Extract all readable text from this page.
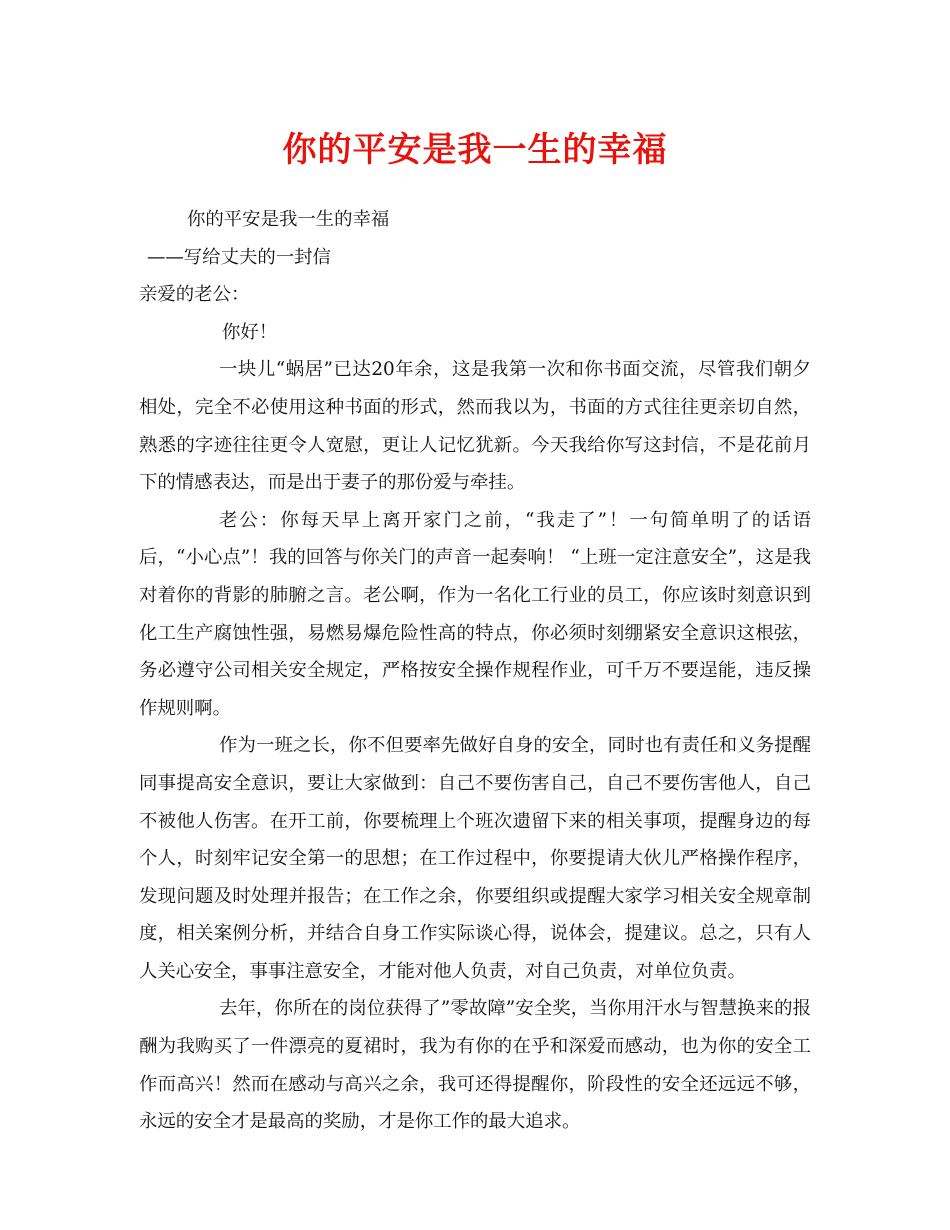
你的平安是我一生的幸福

你的平安是我一生的幸福

——写给丈夫的一封信

亲爱的老公：

你好！

一块儿“蜗居”已达20年余，这是我第一次和你书面交流，尽管我们朝夕相处，完全不必使用这种书面的形式，然而我以为，书面的方式往往更亲切自然，熟悉的字迹往往更令人宽慰，更让人记忆犹新。今天我给你写这封信，不是花前月下的情感表达，而是出于妻子的那份爱与牵挂。

老公：你每天早上离开家门之前，“我走了”！一句简单明了的话语后，“小心点”！我的回答与你关门的声音一起奏响！ “上班一定注意安全”，这是我对着你的背影的肺腑之言。老公啊，作为一名化工行业的员工，你应该时刻意识到化工生产腐蚀性强，易燃易爆危险性高的特点，你必须时刻绷紧安全意识这根弦，务必遵守公司相关安全规定，严格按安全操作规程作业，可千万不要逞能，违反操作规则啊。

作为一班之长，你不但要率先做好自身的安全，同时也有责任和义务提醒同事提高安全意识，要让大家做到：自己不要伤害自己，自己不要伤害他人，自己不被他人伤害。在开工前，你要梳理上个班次遗留下来的相关事项，提醒身边的每个人，时刻牢记安全第一的思想；在工作过程中，你要提请大伙儿严格操作程序，发现问题及时处理并报告；在工作之余，你要组织或提醒大家学习相关安全规章制度，相关案例分析，并结合自身工作实际谈心得，说体会，提建议。总之，只有人人关心安全，事事注意安全，才能对他人负责，对自己负责，对单位负责。

去年，你所在的岗位获得了”零故障”安全奖，当你用汗水与智慧换来的报酬为我购买了一件漂亮的夏裙时，我为有你的在乎和深爱而感动，也为你的安全工作而高兴！然而在感动与高兴之余，我可还得提醒你，阶段性的安全还远远不够，永远的安全才是最高的奖励，才是你工作的最大追求。
